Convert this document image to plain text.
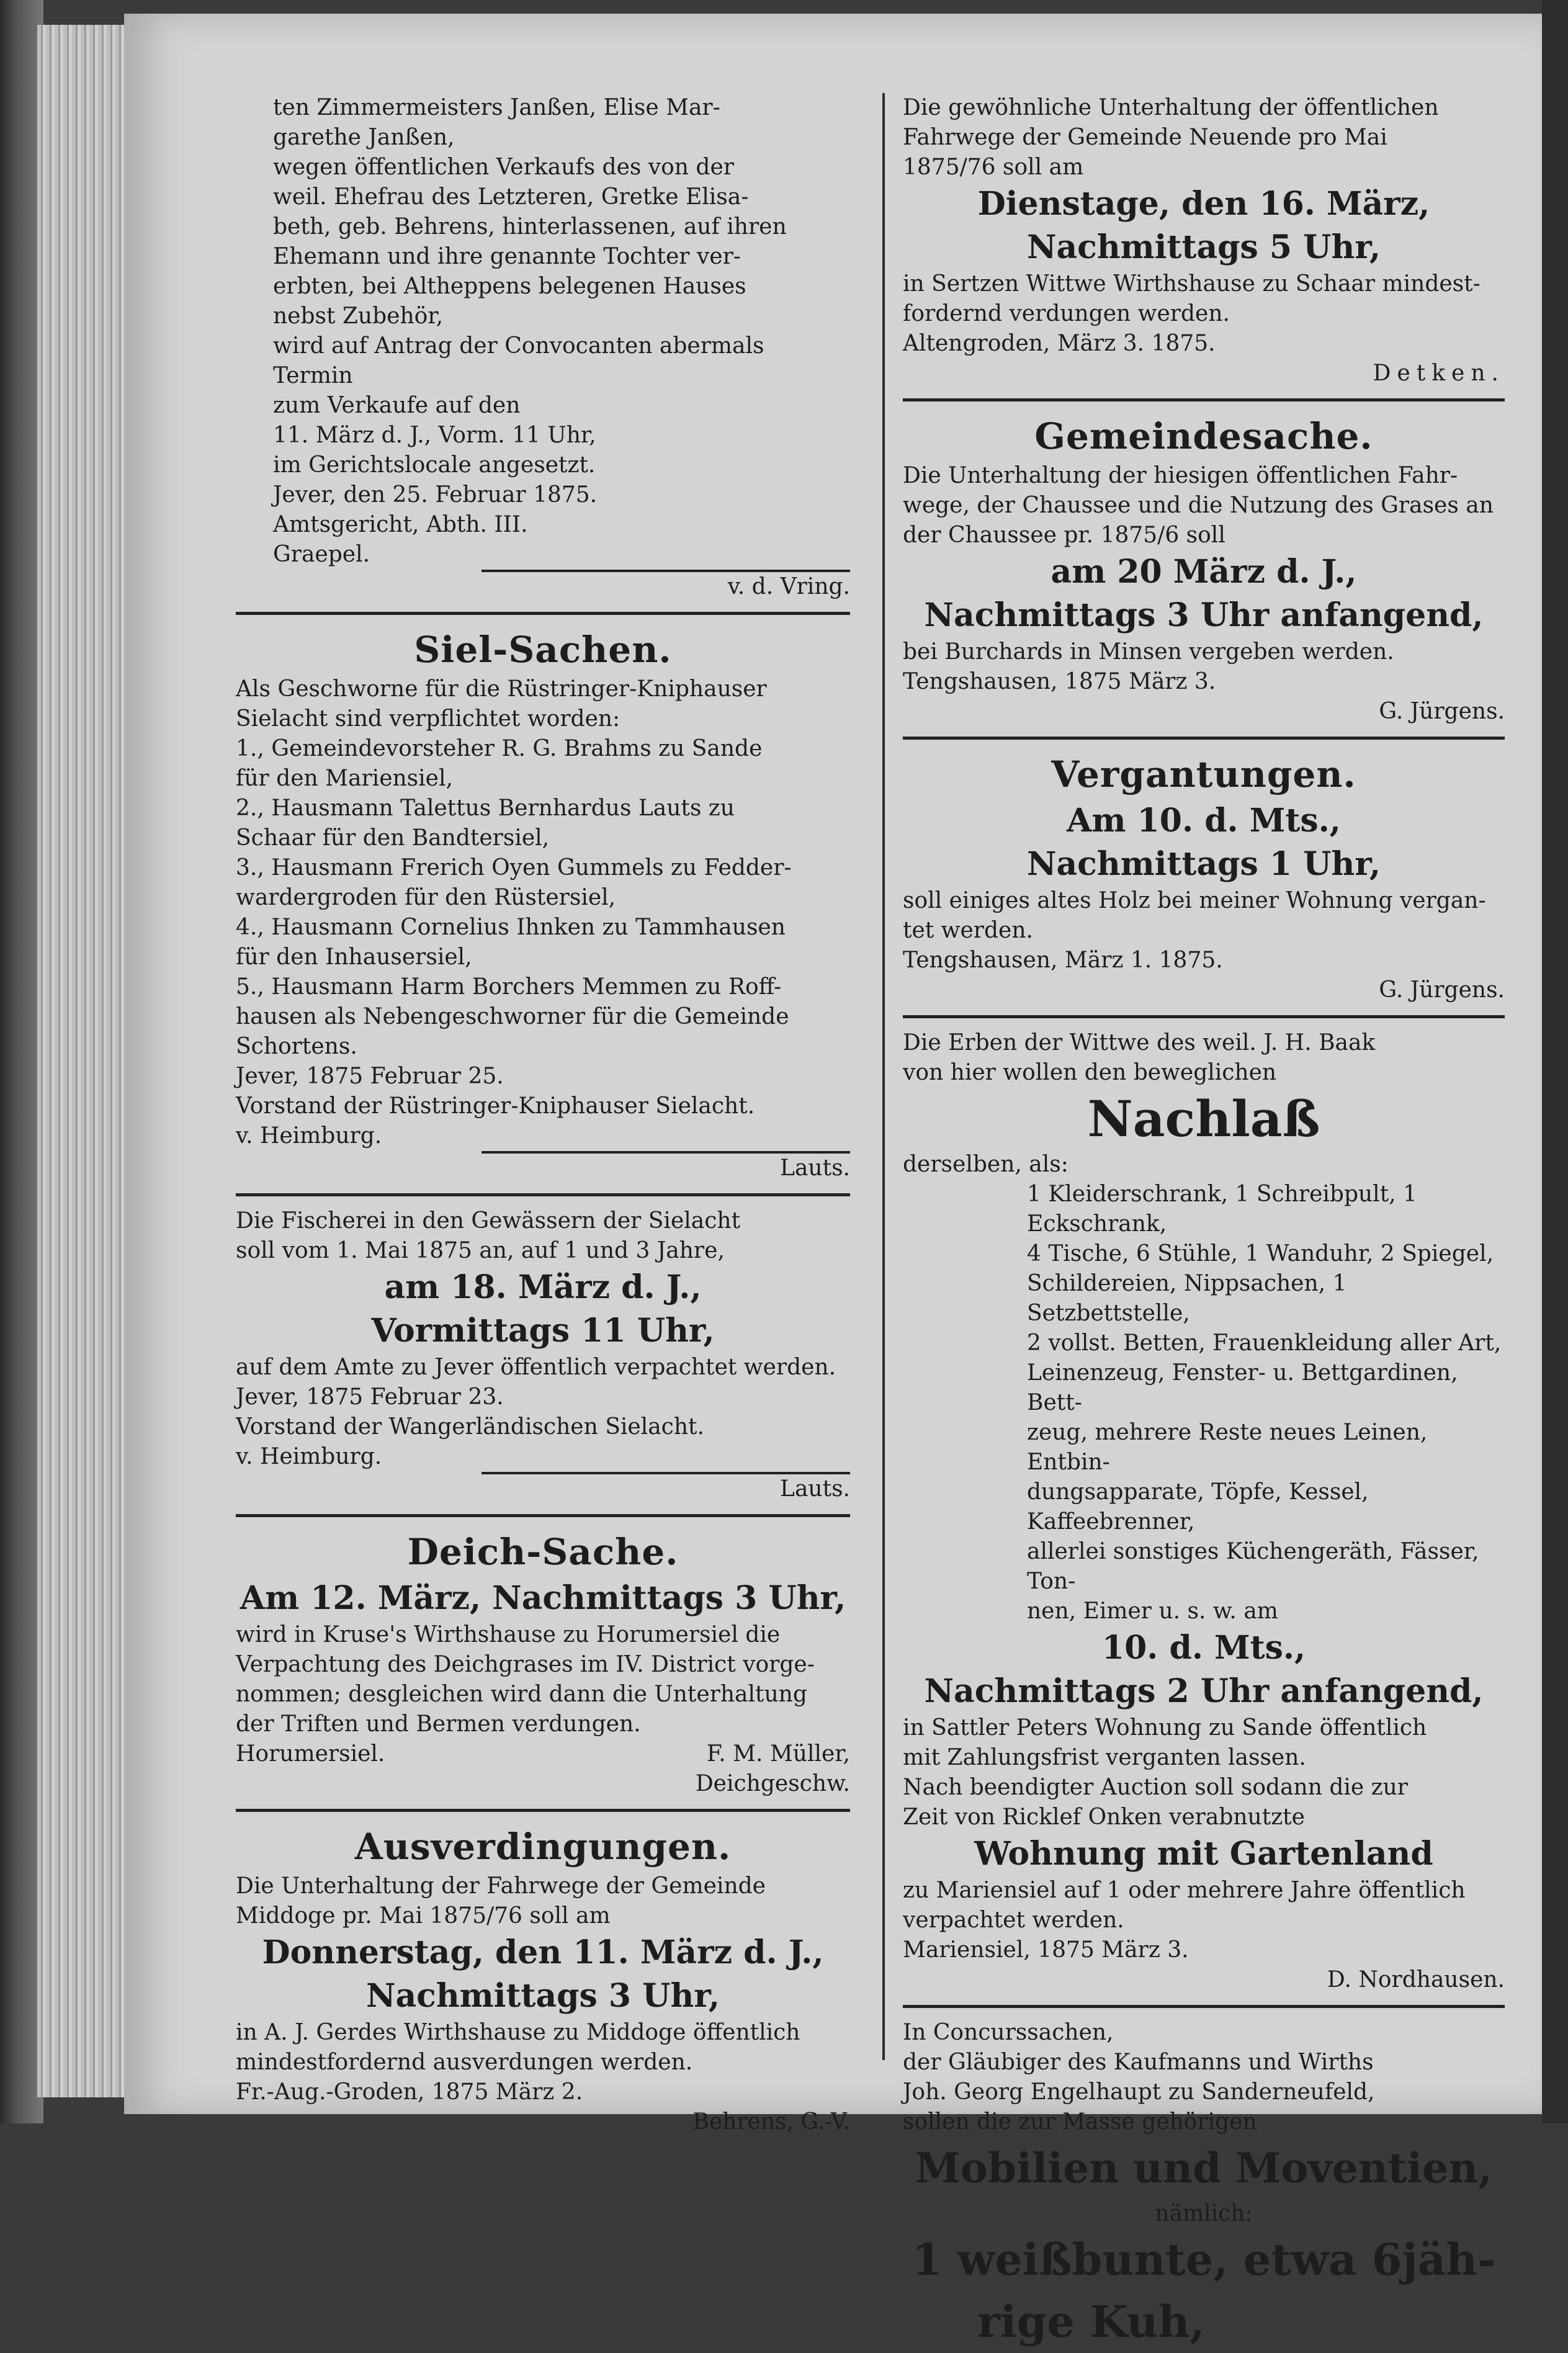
ten Zimmermeisters Janßen, Elise Mar-

garethe Janßen,

wegen öffentlichen Verkaufs des von der

weil. Ehefrau des Letzteren, Gretke Elisa-

beth, geb. Behrens, hinterlassenen, auf ihren

Ehemann und ihre genannte Tochter ver-

erbten, bei Altheppens belegenen Hauses

nebst Zubehör,

wird auf Antrag der Convocanten abermals Termin

zum Verkaufe auf den

11. März d. J., Vorm. 11 Uhr,

im Gerichtslocale angesetzt.

Jever, den 25. Februar 1875.

Amtsgericht, Abth. III.

Graepel.

v. d. Vring.

Siel-Sachen.

Als Geschworne für die Rüstringer-Kniphauser

Sielacht sind verpflichtet worden:

1., Gemeindevorsteher R. G. Brahms zu Sande

für den Mariensiel,

2., Hausmann Talettus Bernhardus Lauts zu

Schaar für den Bandtersiel,

3., Hausmann Frerich Oyen Gummels zu Fedder-

wardergroden für den Rüstersiel,

4., Hausmann Cornelius Ihnken zu Tammhausen

für den Inhausersiel,

5., Hausmann Harm Borchers Memmen zu Roff-

hausen als Nebengeschworner für die Gemeinde

Schortens.

Jever, 1875 Februar 25.

Vorstand der Rüstringer-Kniphauser Sielacht.

v. Heimburg.

Lauts.

Die Fischerei in den Gewässern der Sielacht

soll vom 1. Mai 1875 an, auf 1 und 3 Jahre,

am 18. März d. J.,

Vormittags 11 Uhr,

auf dem Amte zu Jever öffentlich verpachtet werden.

Jever, 1875 Februar 23.

Vorstand der Wangerländischen Sielacht.

v. Heimburg.

Lauts.

Deich-Sache.

Am 12. März, Nachmittags 3 Uhr,

wird in Kruse's Wirthshause zu Horumersiel die

Verpachtung des Deichgrases im IV. District vorge-

nommen; desgleichen wird dann die Unterhaltung

der Triften und Bermen verdungen.

Horumersiel.	F. M. Müller,

Deichgeschw.

Ausverdingungen.

Die Unterhaltung der Fahrwege der Gemeinde

Middoge pr. Mai 1875/76 soll am

Donnerstag, den 11. März d. J.,

Nachmittags 3 Uhr,

in A. J. Gerdes Wirthshause zu Middoge öffentlich

mindestfordernd ausverdungen werden.

Fr.-Aug.-Groden, 1875 März 2.

Behrens, G.-V.

Die gewöhnliche Unterhaltung der öffentlichen

Fahrwege der Gemeinde Neuende pro Mai

1875/76 soll am

Dienstage, den 16. März,

Nachmittags 5 Uhr,

in Sertzen Wittwe Wirthshause zu Schaar mindest-

fordernd verdungen werden.

Altengroden, März 3. 1875.

Detken.

Gemeindesache.

Die Unterhaltung der hiesigen öffentlichen Fahr-

wege, der Chaussee und die Nutzung des Grases an

der Chaussee pr. 1875/6 soll

am 20 März d. J.,

Nachmittags 3 Uhr anfangend,

bei Burchards in Minsen vergeben werden.

Tengshausen, 1875 März 3.

G. Jürgens.

Vergantungen.

Am 10. d. Mts.,

Nachmittags 1 Uhr,

soll einiges altes Holz bei meiner Wohnung vergan-

tet werden.

Tengshausen, März 1. 1875.

G. Jürgens.

Die Erben der Wittwe des weil. J. H. Baak

von hier wollen den beweglichen

Nachlaß

derselben, als:

1 Kleiderschrank, 1 Schreibpult, 1 Eckschrank,

4 Tische, 6 Stühle, 1 Wanduhr, 2 Spiegel,

Schildereien, Nippsachen, 1 Setzbettstelle,

2 vollst. Betten, Frauenkleidung aller Art,

Leinenzeug, Fenster- u. Bettgardinen, Bett-

zeug, mehrere Reste neues Leinen, Entbin-

dungsapparate, Töpfe, Kessel, Kaffeebrenner,

allerlei sonstiges Küchengeräth, Fässer, Ton-

nen, Eimer u. s. w. am

10. d. Mts.,

Nachmittags 2 Uhr anfangend,

in Sattler Peters Wohnung zu Sande öffentlich

mit Zahlungsfrist verganten lassen.

Nach beendigter Auction soll sodann die zur

Zeit von Ricklef Onken verabnutzte

Wohnung mit Gartenland

zu Mariensiel auf 1 oder mehrere Jahre öffentlich

verpachtet werden.

Mariensiel, 1875 März 3.

D. Nordhausen.

In Concurssachen,

der Gläubiger des Kaufmanns und Wirths

Joh. Georg Engelhaupt zu Sanderneufeld,

sollen die zur Masse gehörigen

Mobilien und Moventien,

nämlich:

1 weißbunte, etwa 6jäh-

rige Kuh,
